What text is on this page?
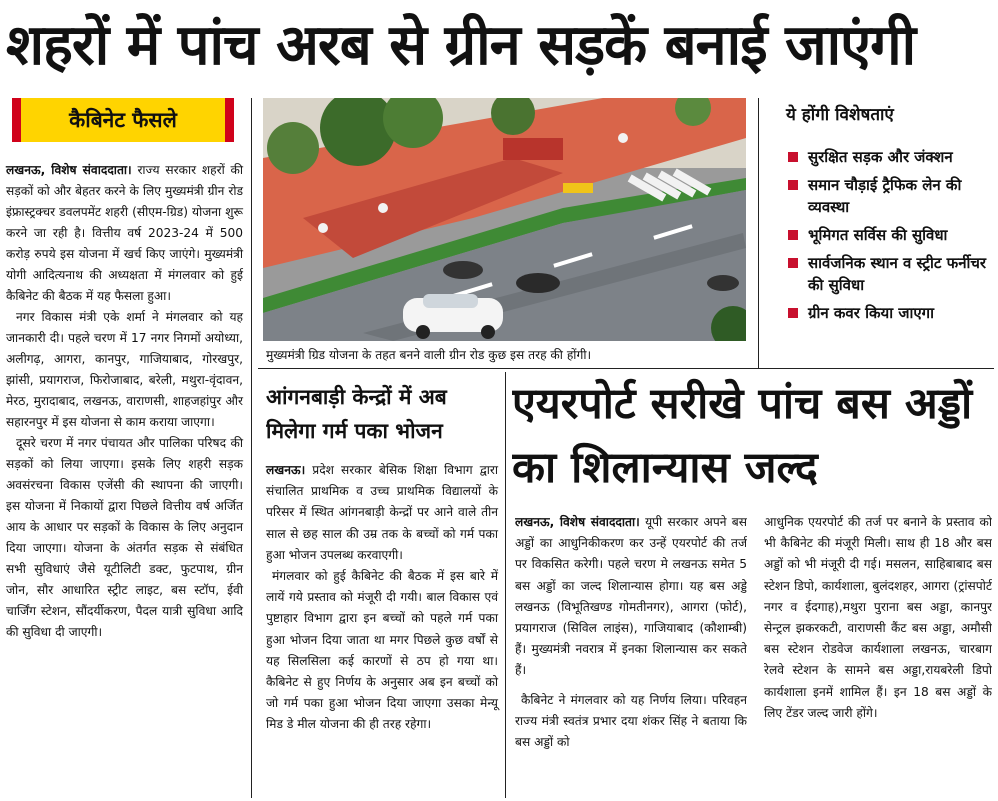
शहरों में पांच अरब से ग्रीन सड़कें बनाई जाएंगी
कैबिनेट फैसले

लखनऊ, विशेष संवाददाता। राज्य सरकार शहरों की सड़कों को और बेहतर करने के लिए मुख्यमंत्री ग्रीन रोड इंफ्रास्ट्रक्चर डवलपमेंट शहरी (सीएम-ग्रिड) योजना शुरू करने जा रही है। वित्तीय वर्ष 2023-24 में 500 करोड़ रुपये इस योजना में खर्च किए जाएंगे। मुख्यमंत्री योगी आदित्यनाथ की अध्यक्षता में मंगलवार को हुई कैबिनेट की बैठक में यह फैसला हुआ।

नगर विकास मंत्री एके शर्मा ने मंगलवार को यह जानकारी दी। पहले चरण में 17 नगर निगमों अयोध्या, अलीगढ़, आगरा, कानपुर, गाजियाबाद, गोरखपुर, झांसी, प्रयागराज, फिरोजाबाद, बरेली, मथुरा-वृंदावन, मेरठ, मुरादाबाद, लखनऊ, वाराणसी, शाहजहांपुर और सहारनपुर में इस योजना से काम कराया जाएगा।

दूसरे चरण में नगर पंचायत और पालिका परिषद की सड़कों को लिया जाएगा। इसके लिए शहरी सड़क अवसंरचना विकास एजेंसी की स्थापना की जाएगी। इस योजना में निकायों द्वारा पिछले वित्तीय वर्ष अर्जित आय के आधार पर सड़कों के विकास के लिए अनुदान दिया जाएगा। योजना के अंतर्गत सड़क से संबंधित सभी सुविधाएं जैसे यूटीलिटी डक्ट, फुटपाथ, ग्रीन जोन, सौर आधारित स्ट्रीट लाइट, बस स्टॉप, ईवी चार्जिंग स्टेशन, सौंदर्यीकरण, पैदल यात्री सुविधा आदि की सुविधा दी जाएगी।

मुख्यमंत्री ग्रिड योजना के तहत बनने वाली ग्रीन रोड कुछ इस तरह की होंगी।
ये होंगी विशेषताएं
सुरक्षित सड़क और जंक्शन
समान चौड़ाई ट्रैफिक लेन की व्यवस्था
भूमिगत सर्विस की सुविधा
सार्वजनिक स्थान व स्ट्रीट फर्नीचर की सुविधा
ग्रीन कवर किया जाएगा
आंगनबाड़ी केन्द्रों में अब मिलेगा गर्म पका भोजन

लखनऊ। प्रदेश सरकार बेसिक शिक्षा विभाग द्वारा संचालित प्राथमिक व उच्च प्राथमिक विद्यालयों के परिसर में स्थित आंगनबाड़ी केन्द्रों पर आने वाले तीन साल से छह साल की उम्र तक के बच्चों को गर्म पका हुआ भोजन उपलब्ध करवाएगी।

मंगलवार को हुई कैबिनेट की बैठक में इस बारे में लायें गये प्रस्ताव को मंजूरी दी गयी। बाल विकास एवं पुष्टाहार विभाग द्वारा इन बच्चों को पहले गर्म पका हुआ भोजन दिया जाता था मगर पिछले कुछ वर्षों से यह सिलसिला कई कारणों से ठप हो गया था। कैबिनेट से हुए निर्णय के अनुसार अब इन बच्चों को जो गर्म पका हुआ भोजन दिया जाएगा उसका मेन्यू मिड डे मील योजना की ही तरह रहेगा।

एयरपोर्ट सरीखे पांच बस अड्डों का शिलान्यास जल्द

लखनऊ, विशेष संवाददाता। यूपी सरकार अपने बस अड्डों का आधुनिकीकरण कर उन्हें एयरपोर्ट की तर्ज पर विकसित करेगी। पहले चरण मे लखनऊ समेत 5 बस अड्डों का जल्द शिलान्यास होगा। यह बस अड्डे लखनऊ (विभूतिखण्ड गोमतीनगर), आगरा (फोर्ट), प्रयागराज (सिविल लाइंस), गाजियाबाद (कौशाम्बी) हैं। मुख्यमंत्री नवरात्र में इनका शिलान्यास कर सकते हैं।

कैबिनेट ने मंगलवार को यह निर्णय लिया। परिवहन राज्य मंत्री स्वतंत्र प्रभार दया शंकर सिंह ने बताया कि बस अड्डों को

आधुनिक एयरपोर्ट की तर्ज पर बनाने के प्रस्ताव को भी कैबिनेट की मंजूरी मिली। साथ ही 18 और बस अड्डों को भी मंजूरी दी गई। मसलन, साहिबाबाद बस स्टेशन डिपो, कार्यशाला, बुलंदशहर, आगरा (ट्रांसपोर्ट नगर व ईदगाह),मथुरा पुराना बस अड्डा, कानपुर सेन्ट्रल झकरकटी, वाराणसी कैंट बस अड्डा, अमौसी बस स्टेशन रोडवेज कार्यशाला लखनऊ, चारबाग रेलवे स्टेशन के सामने बस अड्डा,रायबरेली डिपो कार्यशाला इनमें शामिल हैं। इन 18 बस अड्डों के लिए टेंडर जल्द जारी होंगे।
